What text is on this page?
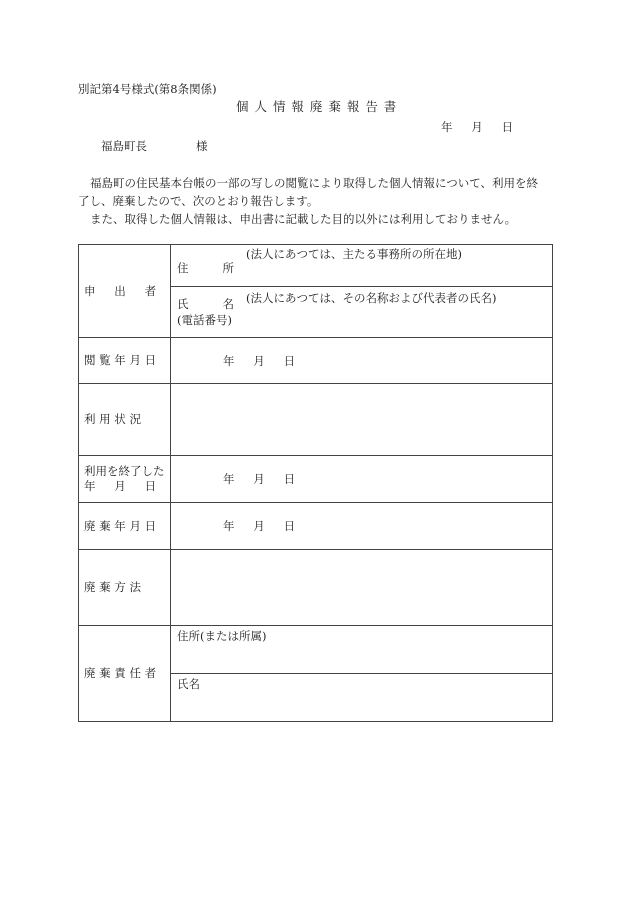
別記第4号様式(第8条関係)
個 人 情 報 廃 棄 報 告 書
年 　 月 　 日
福島町長	様
福島町の住民基本台帳の一部の写しの閲覧により取得した個人情報について、利用を終
了し、廃棄したので、次のとおり報告します。
また、取得した個人情報は、申出書に記載した目的以外には利用しておりません。
申 　 出 　 者	(法人にあつては、主たる事務所の所在地)
住 　 　 所

	(法人にあつては、その名称および代表者の氏名)
氏 　 　 名
(電話番号)

閲 覧 年 月 日	年 　 月 　 日

利 用 状 況	

利用を終了した
年 　 月 　 日	年 　 月 　 日

廃 棄 年 月 日	年 　 月 　 日

廃 棄 方 法	

廃 棄 責 任 者	住所(または所属)

	氏名
